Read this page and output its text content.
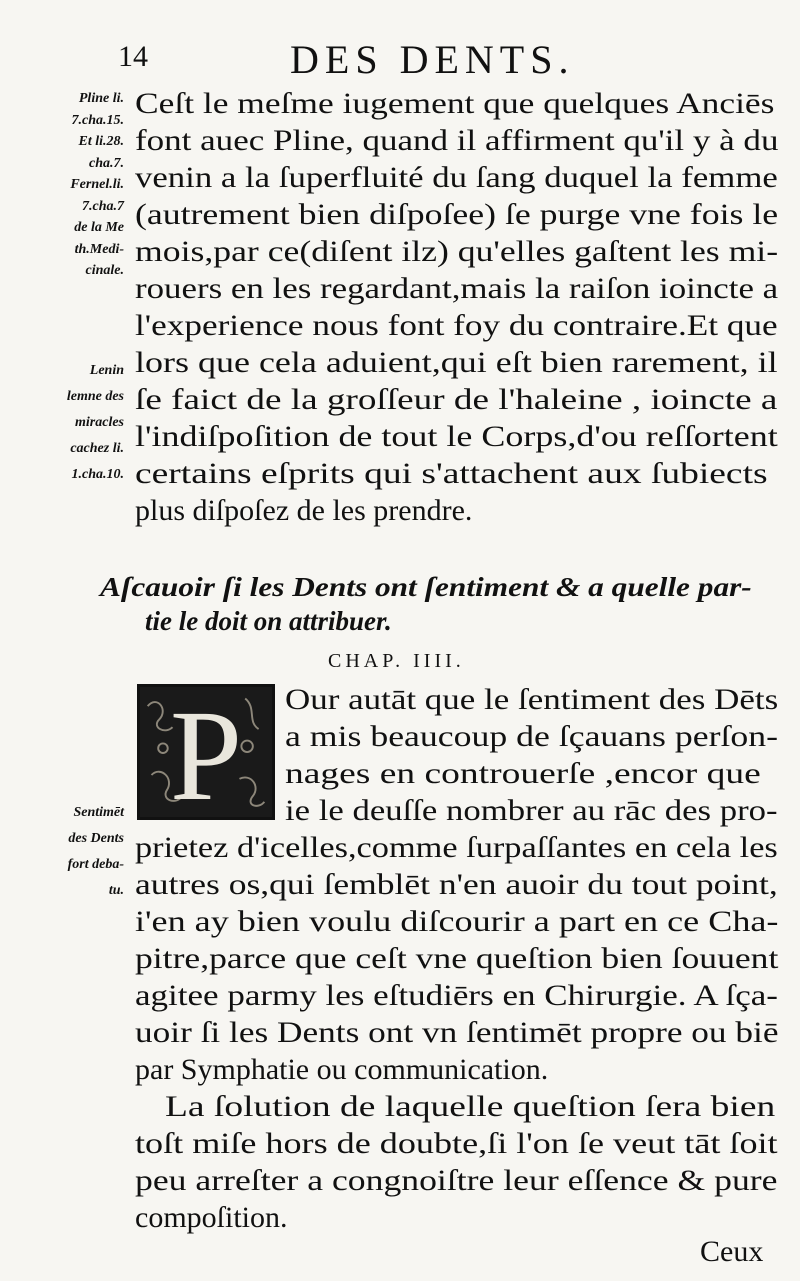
14	DES DENTS.
Pline li.
7.cha.15.
Et li.28.
cha.7.
Fernel.li.
7.cha.7
de la Me
th.Medi-
cinale.
Lenin
lemne des
miracles
cachez li.
1.cha.10.
Sentimēt
des Dents
fort deba-
tu.
Ceſt le meſme iugement que quelques Anciēs
font auec Pline, quand il affirment qu'il y à du
venin a la ſuperfluité du ſang duquel la femme
(autrement bien diſpoſee) ſe purge vne fois le
mois,par ce(diſent ilz) qu'elles gaſtent les mi-
rouers en les regardant,mais la raiſon ioincte a
l'experience nous font foy du contraire.Et que
lors que cela aduient,qui eſt bien rarement, il
ſe faict de la groſſeur de l'haleine , ioincte a
l'indiſpoſition de tout le Corps,d'ou reſſortent
certains eſprits qui s'attachent aux ſubiects
plus diſpoſez de les prendre.
Aſcauoir ſi les Dents ont ſentiment & a quelle par-
tie le doit on attribuer.
CHAP. IIII.
P	Our autāt que le ſentiment des Dēts
a mis beaucoup de ſçauans perſon-
nages en controuerſe ,encor que
ie le deuſſe nombrer au rāc des pro-
prietez d'icelles,comme ſurpaſſantes en cela les
autres os,qui ſemblēt n'en auoir du tout point,
i'en ay bien voulu diſcourir a part en ce Cha-
pitre,parce que ceſt vne queſtion bien ſouuent
agitee parmy les eſtudiērs en Chirurgie. A ſça-
uoir ſi les Dents ont vn ſentimēt propre ou biē
par Symphatie ou communication.
La ſolution de laquelle queſtion ſera bien
toſt miſe hors de doubte,ſi l'on ſe veut tāt ſoit
peu arreſter a congnoiſtre leur eſſence & pure
compoſition.
Ceux
